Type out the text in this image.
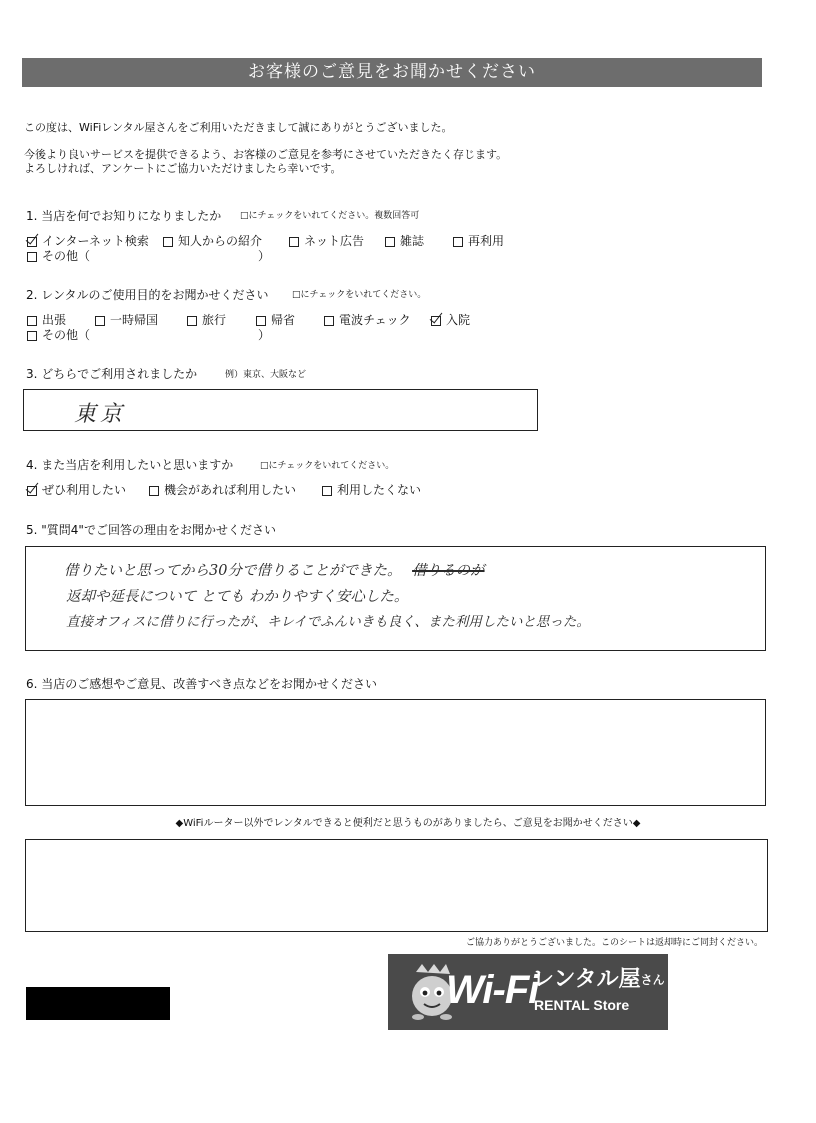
お客様のご意見をお聞かせください
この度は、WiFiレンタル屋さんをご利用いただきまして誠にありがとうございました。
今後より良いサービスを提供できるよう、お客様のご意見を参考にさせていただきたく存じます。
よろしければ、アンケートにご協力いただけましたら幸いです。
1. 当店を何でお知りになりましたか □にチェックをいれてください。複数回答可
インターネット検索 知人からの紹介	ネット広告	雑誌	再利用
その他（	）
2. レンタルのご使用目的をお聞かせください	□にチェックをいれてください。
出張	一時帰国	旅行	帰省	電波チェック	入院
その他（	）
3. どちらでご利用されましたか	例）東京、大阪など
東京
4. また当店を利用したいと思いますか	□にチェックをいれてください。
ぜひ利用したい	機会があれば利用したい	利用したくない
5. "質問4"でご回答の理由をお聞かせください
借りたいと思ってから30分で借りることができた。 借りるのが
返却や延長について とても わかりやすく安心した。
直接オフィスに借りに行ったが、キレイでふんいきも良く、また利用したいと思った。
6. 当店のご感想やご意見、改善すべき点などをお聞かせください
◆WiFiルーター以外でレンタルできると便利だと思うものがありましたら、ご意見をお聞かせください◆
ご協力ありがとうございました。このシートは返却時にご同封ください。
Wi-Fi
レンタル屋$^{さん}$
RENTAL Store
